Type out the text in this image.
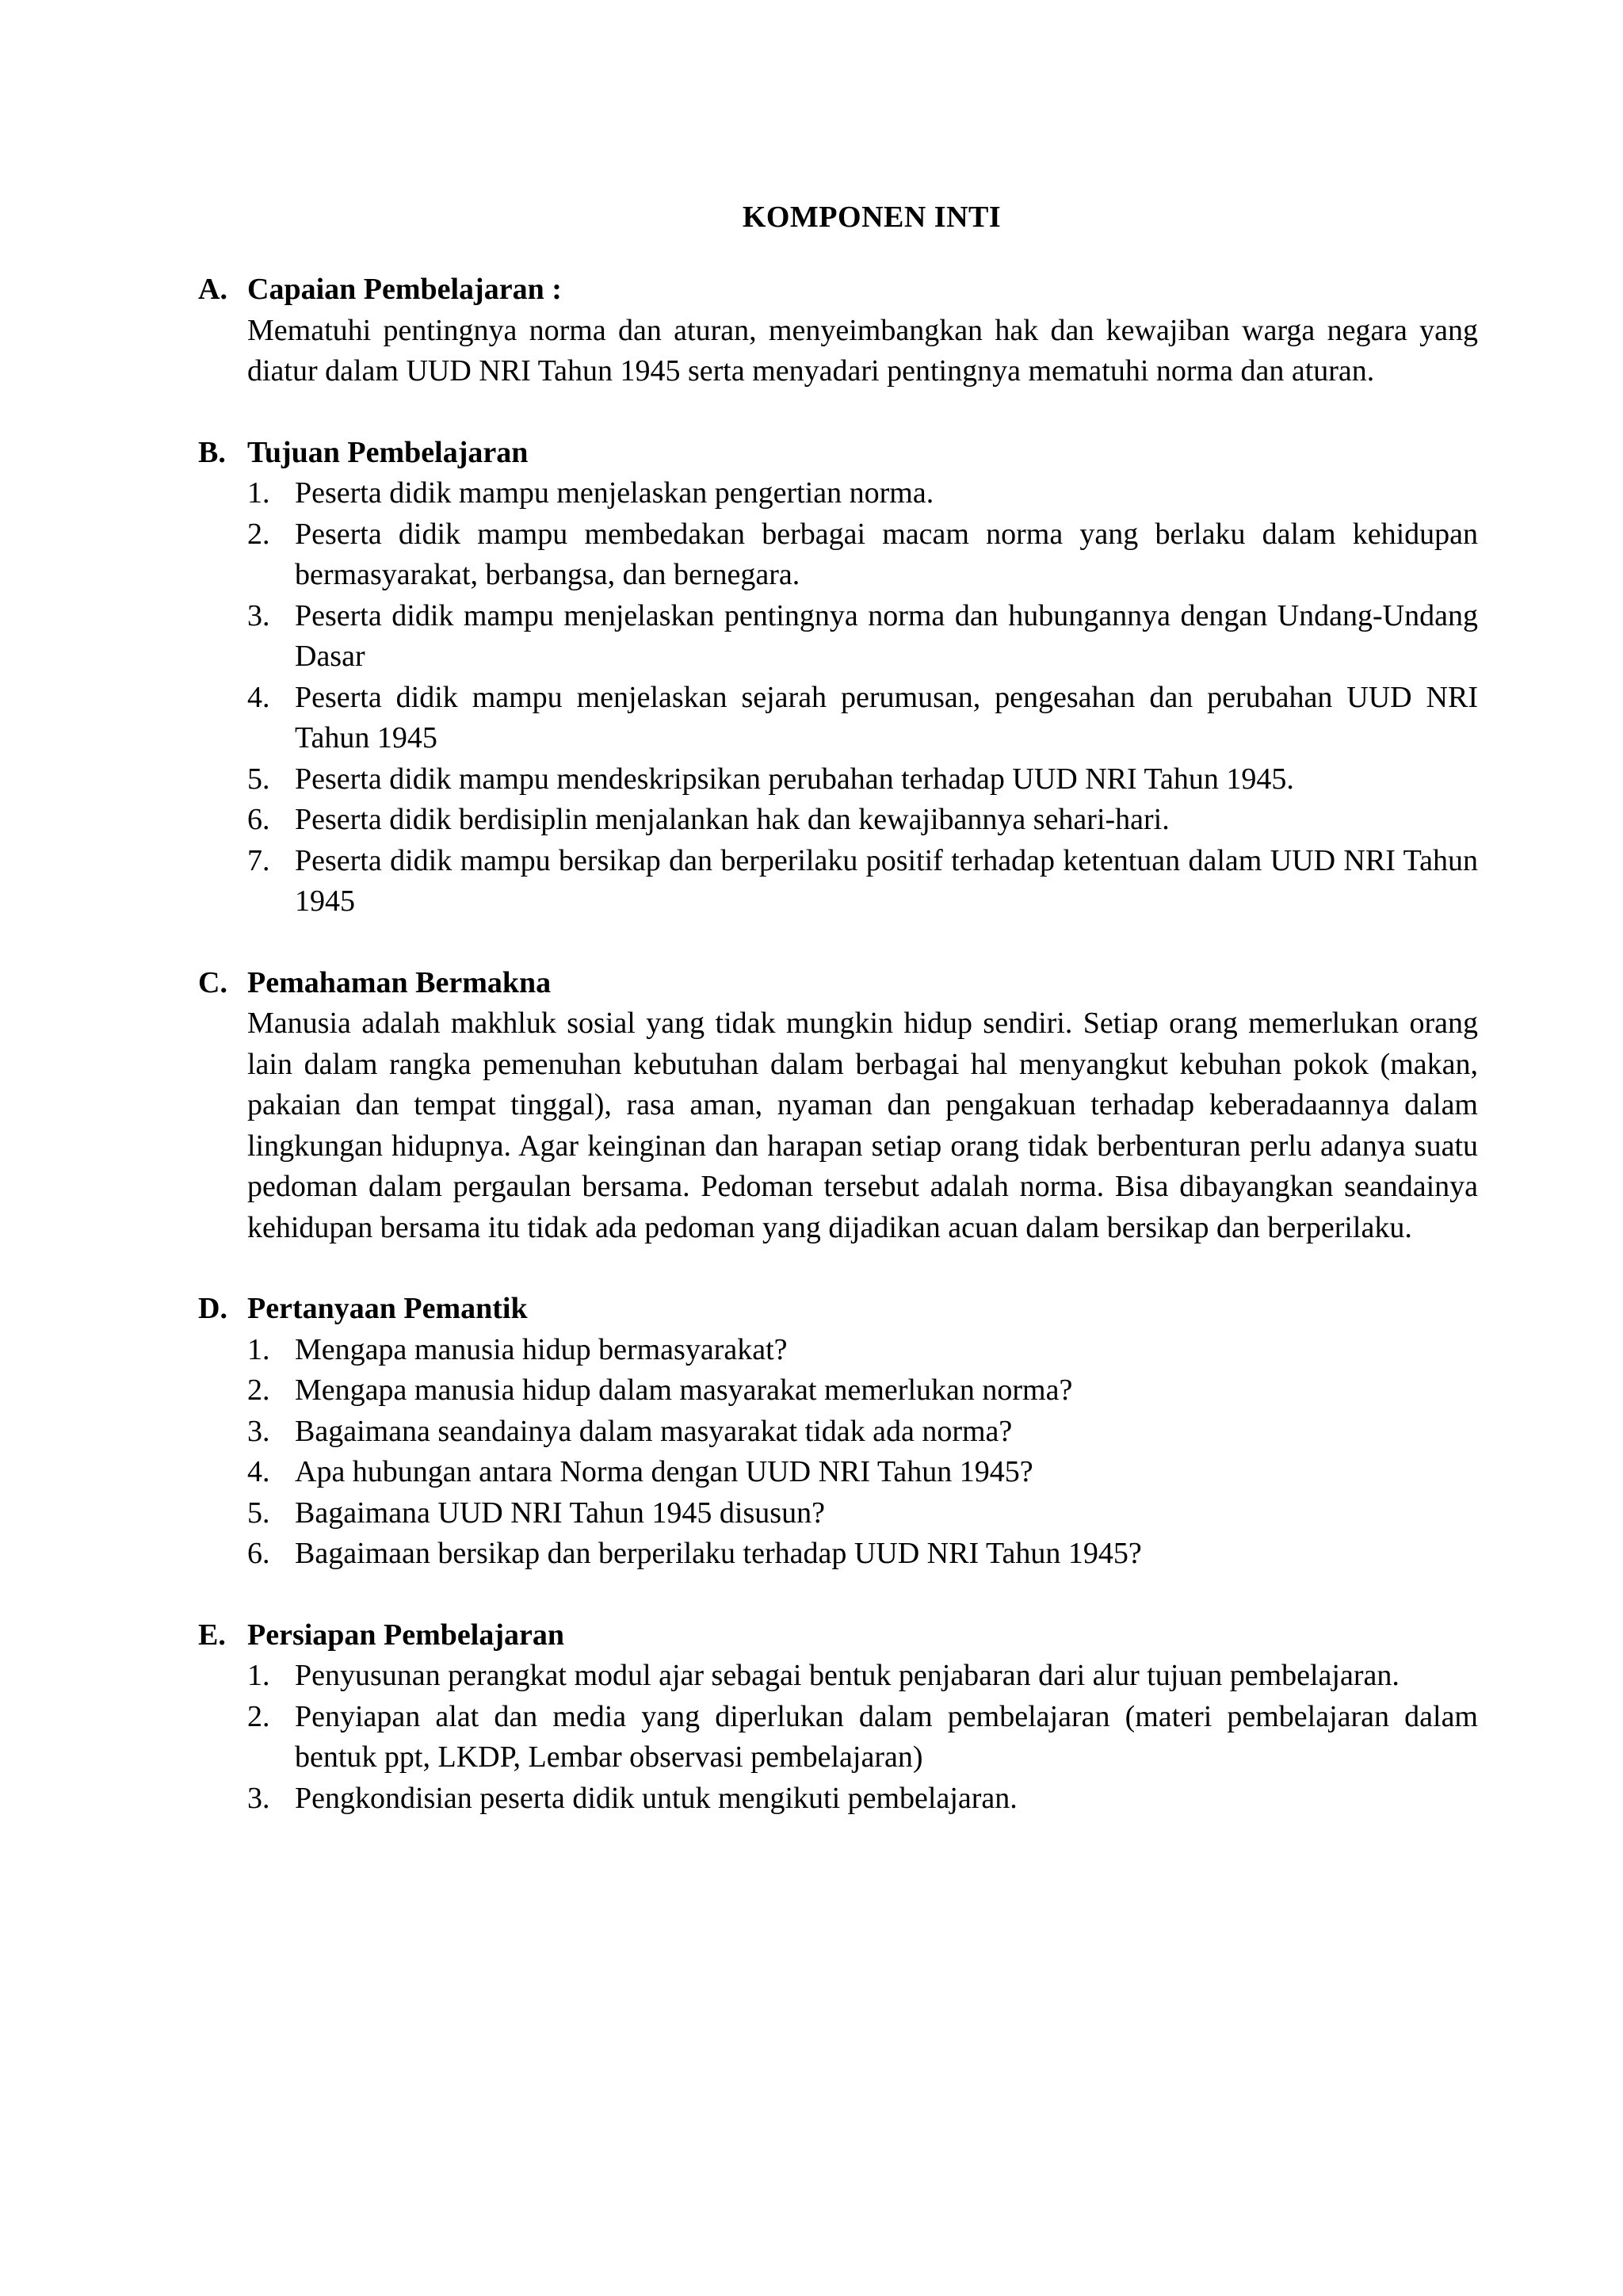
KOMPONEN INTI
A. Capaian Pembelajaran :
Mematuhi pentingnya norma dan aturan, menyeimbangkan hak dan kewajiban warga negara yang diatur dalam UUD NRI Tahun 1945 serta menyadari pentingnya mematuhi norma dan aturan.
B. Tujuan Pembelajaran
1. Peserta didik mampu menjelaskan pengertian norma.
2. Peserta didik mampu membedakan berbagai macam norma yang berlaku dalam kehidupan bermasyarakat, berbangsa, dan bernegara.
3. Peserta didik mampu menjelaskan pentingnya norma dan hubungannya dengan Undang-Undang Dasar
4. Peserta didik mampu menjelaskan sejarah perumusan, pengesahan dan perubahan UUD NRI Tahun 1945
5. Peserta didik mampu mendeskripsikan perubahan terhadap UUD NRI Tahun 1945.
6. Peserta didik berdisiplin menjalankan hak dan kewajibannya sehari-hari.
7. Peserta didik mampu bersikap dan berperilaku positif terhadap ketentuan dalam UUD NRI Tahun 1945
C. Pemahaman Bermakna
Manusia adalah makhluk sosial yang tidak mungkin hidup sendiri. Setiap orang memerlukan orang lain dalam rangka pemenuhan kebutuhan dalam berbagai hal menyangkut kebuhan pokok (makan, pakaian dan tempat tinggal), rasa aman, nyaman dan pengakuan terhadap keberadaannya dalam lingkungan hidupnya. Agar keinginan dan harapan setiap orang tidak berbenturan perlu adanya suatu pedoman dalam pergaulan bersama. Pedoman tersebut adalah norma. Bisa dibayangkan seandainya kehidupan bersama itu tidak ada pedoman yang dijadikan acuan dalam bersikap dan berperilaku.
D. Pertanyaan Pemantik
1. Mengapa manusia hidup bermasyarakat?
2. Mengapa manusia hidup dalam masyarakat memerlukan norma?
3. Bagaimana seandainya dalam masyarakat tidak ada norma?
4. Apa hubungan antara Norma dengan UUD NRI Tahun 1945?
5. Bagaimana UUD NRI Tahun 1945 disusun?
6. Bagaimaan bersikap dan berperilaku terhadap UUD NRI Tahun 1945?
E. Persiapan Pembelajaran
1. Penyusunan perangkat modul ajar sebagai bentuk penjabaran dari alur tujuan pembelajaran.
2. Penyiapan alat dan media yang diperlukan dalam pembelajaran (materi pembelajaran dalam bentuk ppt, LKDP, Lembar observasi pembelajaran)
3. Pengkondisian peserta didik untuk mengikuti pembelajaran.
